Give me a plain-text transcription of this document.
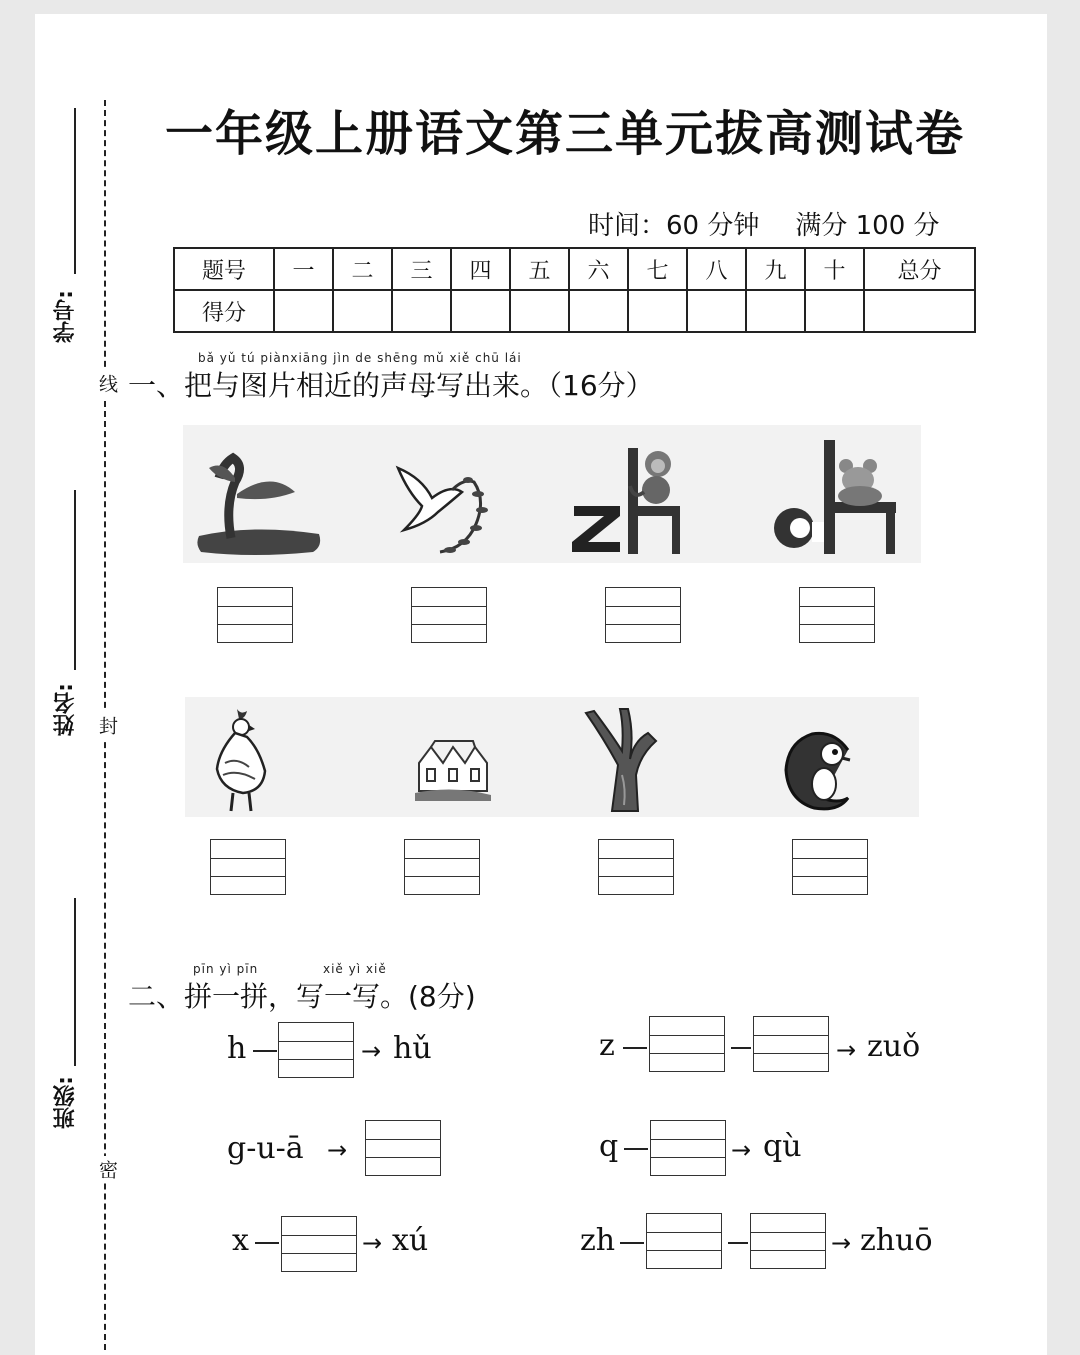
学号:
姓名:
班级:
线
封
密
一年级上册语文第三单元拔高测试卷
时间：60 分钟 满分 100 分
题号	一	二	三	四	五	六	七	八	九	十	总分
得分											
bǎ yǔ tú piànxiāng jìn de shēng mǔ xiě chū lái
一、把与图片相近的声母写出来。（16分）
pīn yì pīn	xiě yì xiě
二、拼一拼，写一写。(8分)
h	→ hǔ	z	→ zuǒ
g-u-ā →	q	→ qù
x	→ xú	zh	→ zhuō
